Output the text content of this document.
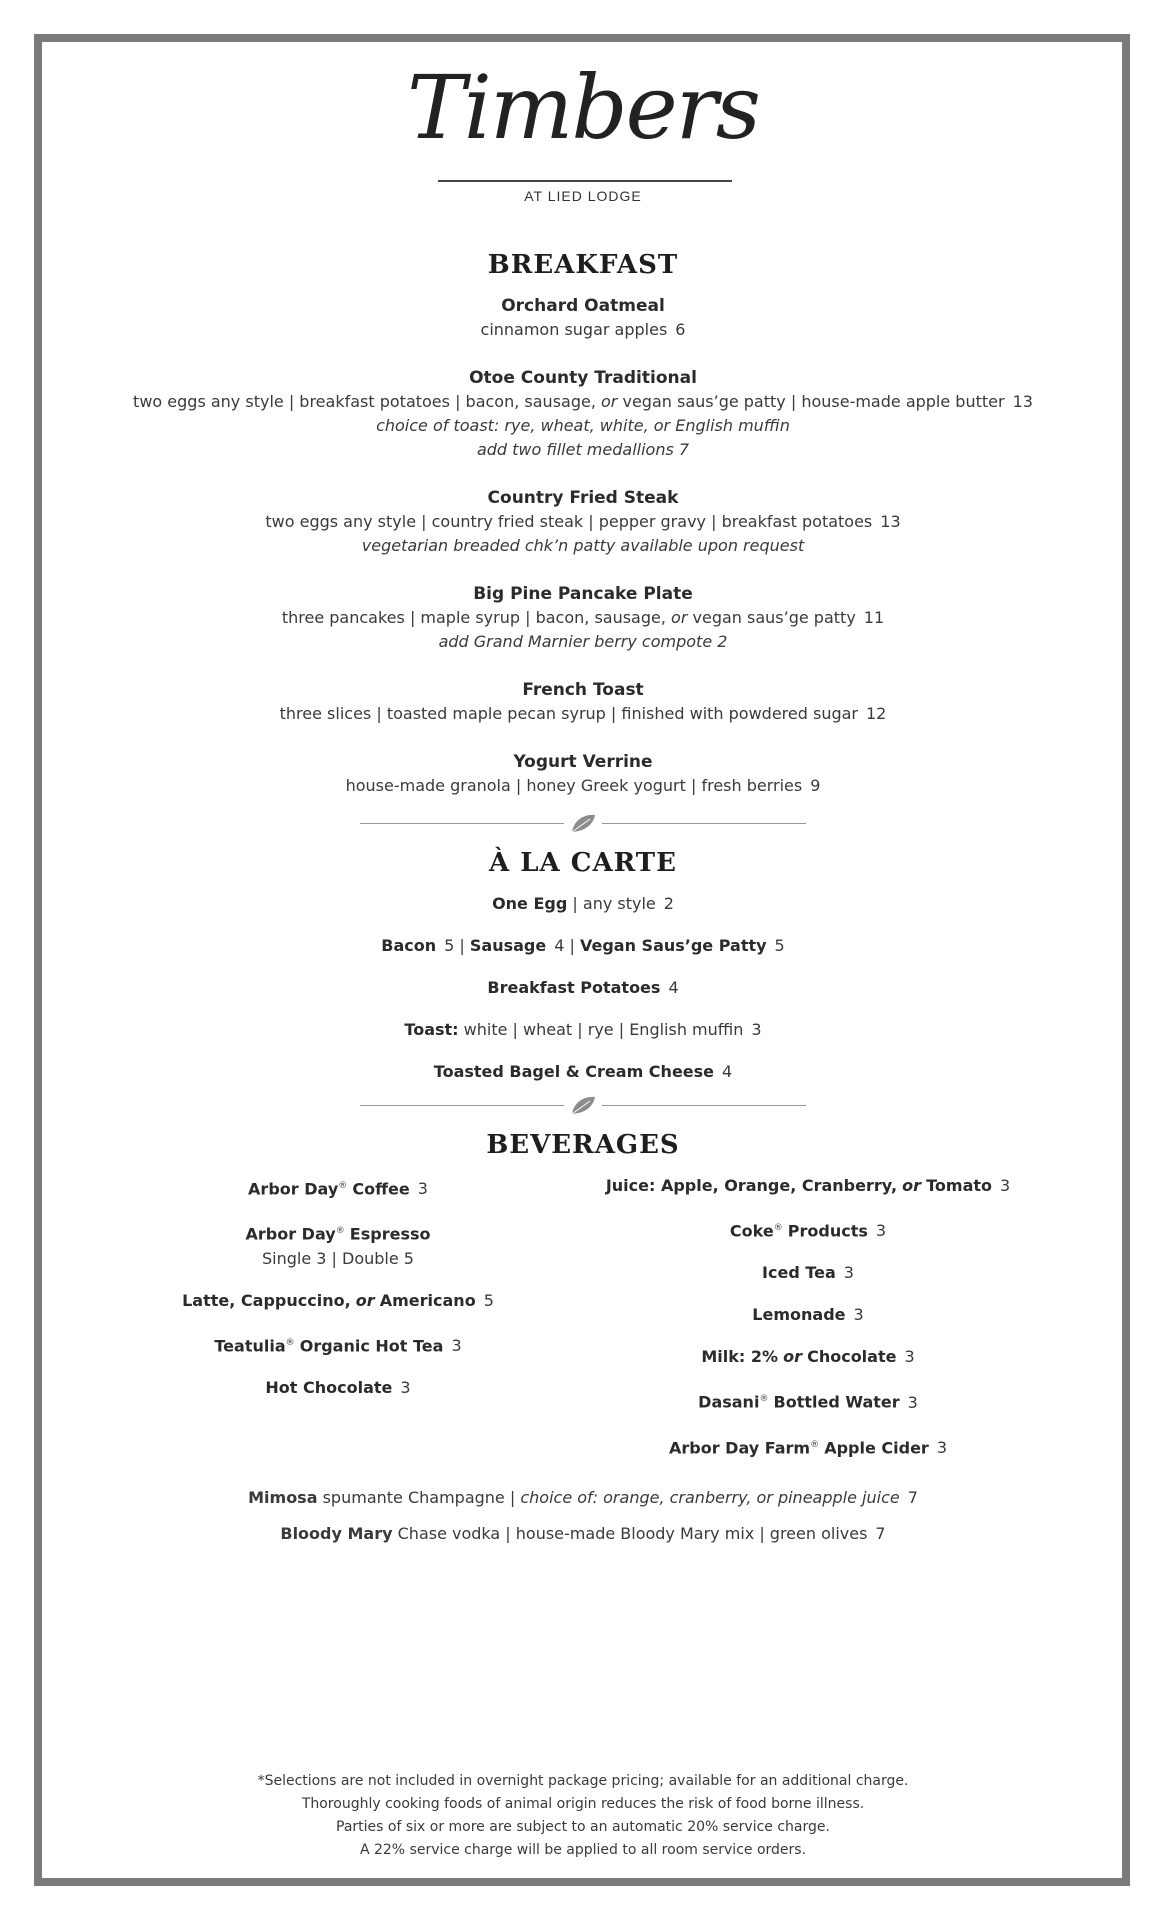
Timbers
AT LIED LODGE
BREAKFAST
Orchard Oatmeal
cinnamon sugar apples 6
Otoe County Traditional
two eggs any style | breakfast potatoes | bacon, sausage, or vegan saus’ge patty | house-made apple butter 13
choice of toast: rye, wheat, white, or English muffin
add two fillet medallions 7
Country Fried Steak
two eggs any style | country fried steak | pepper gravy | breakfast potatoes 13
vegetarian breaded chk’n patty available upon request
Big Pine Pancake Plate
three pancakes | maple syrup | bacon, sausage, or vegan saus’ge patty 11
add Grand Marnier berry compote 2
French Toast
three slices | toasted maple pecan syrup | finished with powdered sugar 12
Yogurt Verrine
house-made granola | honey Greek yogurt | fresh berries 9
À LA CARTE
One Egg | any style 2
Bacon 5 | Sausage 4 | Vegan Saus’ge Patty 5
Breakfast Potatoes 4
Toast: white | wheat | rye | English muffin 3
Toasted Bagel & Cream Cheese 4
BEVERAGES
Arbor Day® Coffee 3
Arbor Day® Espresso
Single 3 | Double 5
Latte, Cappuccino, or Americano 5
Teatulia® Organic Hot Tea 3
Hot Chocolate 3
Juice: Apple, Orange, Cranberry, or Tomato 3
Coke® Products 3
Iced Tea 3
Lemonade 3
Milk: 2% or Chocolate 3
Dasani® Bottled Water 3
Arbor Day Farm® Apple Cider 3
Mimosa spumante Champagne | choice of: orange, cranberry, or pineapple juice 7
Bloody Mary Chase vodka | house-made Bloody Mary mix | green olives 7
*Selections are not included in overnight package pricing; available for an additional charge.
Thoroughly cooking foods of animal origin reduces the risk of food borne illness.
Parties of six or more are subject to an automatic 20% service charge.
A 22% service charge will be applied to all room service orders.
